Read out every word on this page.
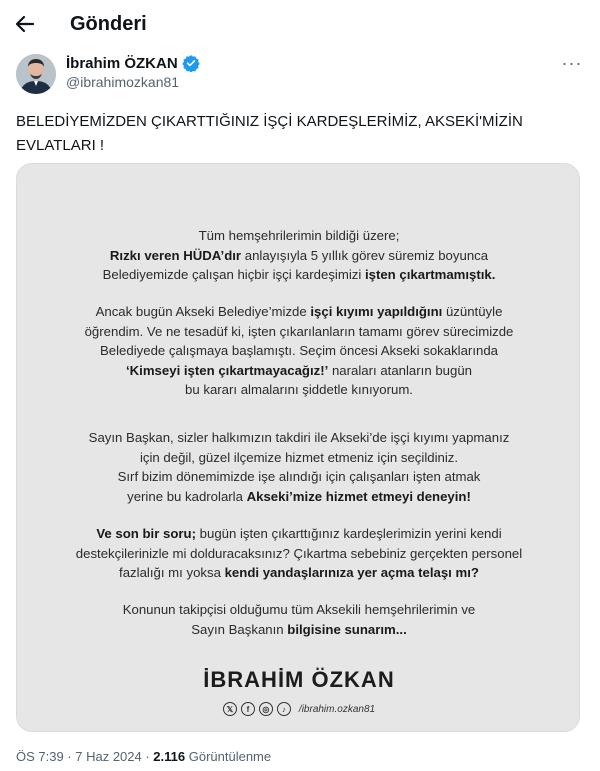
Gönderi
İbrahim ÖZKAN
@ibrahimozkan81
···
BELEDİYEMİZDEN ÇIKARTTIĞINIZ İŞÇİ KARDEŞLERİMİZ, AKSEKİ'MİZİN EVLATLARI !
Tüm hemşehrilerimin bildiği üzere;
Rızkı veren HÜDA’dır anlayışıyla 5 yıllık görev süremiz boyunca
Belediyemizde çalışan hiçbir işçi kardeşimizi işten çıkartmamıştık.
Ancak bugün Akseki Belediye’mizde işçi kıyımı yapıldığını üzüntüyle
öğrendim. Ve ne tesadüf ki, işten çıkarılanların tamamı görev sürecimizde
Belediyede çalışmaya başlamıştı. Seçim öncesi Akseki sokaklarında
‘Kimseyi işten çıkartmayacağız!’ naraları atanların bugün
bu kararı almalarını şiddetle kınıyorum.
Sayın Başkan, sizler halkımızın takdiri ile Akseki’de işçi kıyımı yapmanız
için değil, güzel ilçemize hizmet etmeniz için seçildiniz.
Sırf bizim dönemimizde işe alındığı için çalışanları işten atmak
yerine bu kadrolarla Akseki’mize hizmet etmeyi deneyin!
Ve son bir soru; bugün işten çıkarttığınız kardeşlerimizin yerini kendi
destekçilerinizle mi dolduracaksınız? Çıkartma sebebiniz gerçekten personel
fazlalığı mı yoksa kendi yandaşlarınıza yer açma telaşı mı?
Konunun takipçisi olduğumu tüm Aksekili hemşehrilerimin ve
Sayın Başkanın bilgisine sunarım...
İBRAHİM ÖZKAN
𝕏	f	◎	♪	/ibrahim.ozkan81
ÖS 7:39 · 7 Haz 2024 · 2.116 Görüntülenme
